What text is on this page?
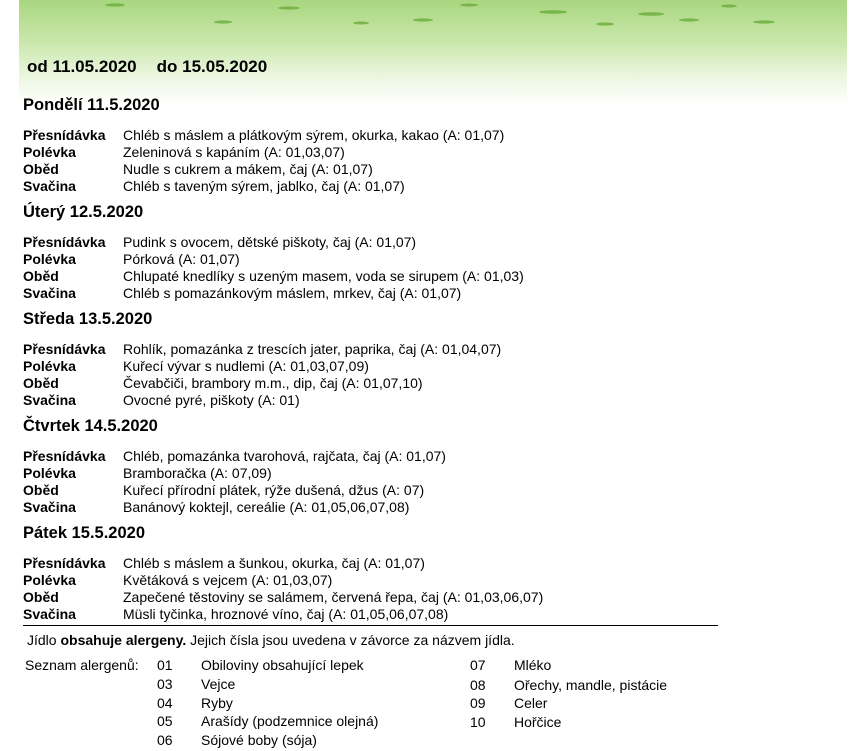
od 11.05.2020 do 15.05.2020
Pondělí 11.5.2020
Přesnídávka Chléb s máslem a plátkovým sýrem, okurka, kakao (A: 01,07)
Polévka	Zeleninová s kapáním (A: 01,03,07)
Oběd	Nudle s cukrem a mákem, čaj (A: 01,07)
Svačina	Chléb s taveným sýrem, jablko, čaj (A: 01,07)
Úterý 12.5.2020
Přesnídávka Pudink s ovocem, dětské piškoty, čaj (A: 01,07)
Polévka	Pórková (A: 01,07)
Oběd	Chlupaté knedlíky s uzeným masem, voda se sirupem (A: 01,03)
Svačina	Chléb s pomazánkovým máslem, mrkev, čaj (A: 01,07)
Středa 13.5.2020
Přesnídávka Rohlík, pomazánka z trescích jater, paprika, čaj (A: 01,04,07)
Polévka	Kuřecí vývar s nudlemi (A: 01,03,07,09)
Oběd	Čevabčiči, brambory m.m., dip, čaj (A: 01,07,10)
Svačina	Ovocné pyré, piškoty (A: 01)
Čtvrtek 14.5.2020
Přesnídávka Chléb, pomazánka tvarohová, rajčata, čaj (A: 01,07)
Polévka	Bramboračka (A: 07,09)
Oběd	Kuřecí přírodní plátek, rýže dušená, džus (A: 07)
Svačina	Banánový koktejl, cereálie (A: 01,05,06,07,08)
Pátek 15.5.2020
Přesnídávka Chléb s máslem a šunkou, okurka, čaj (A: 01,07)
Polévka	Květáková s vejcem (A: 01,03,07)
Oběd	Zapečené těstoviny se salámem, červená řepa, čaj (A: 01,03,06,07)
Svačina	Müsli tyčinka, hroznové víno, čaj (A: 01,05,06,07,08)
Jídlo obsahuje alergeny. Jejich čísla jsou uvedena v závorce za názvem jídla.
Seznam alergenů: 01 Obiloviny obsahující lepek
03 Vejce
04 Ryby
05 Arašídy (podzemnice olejná)
06 Sójové boby (sója)
07 Mléko
08 Ořechy, mandle, pistácie
09 Celer
10 Hořčice
